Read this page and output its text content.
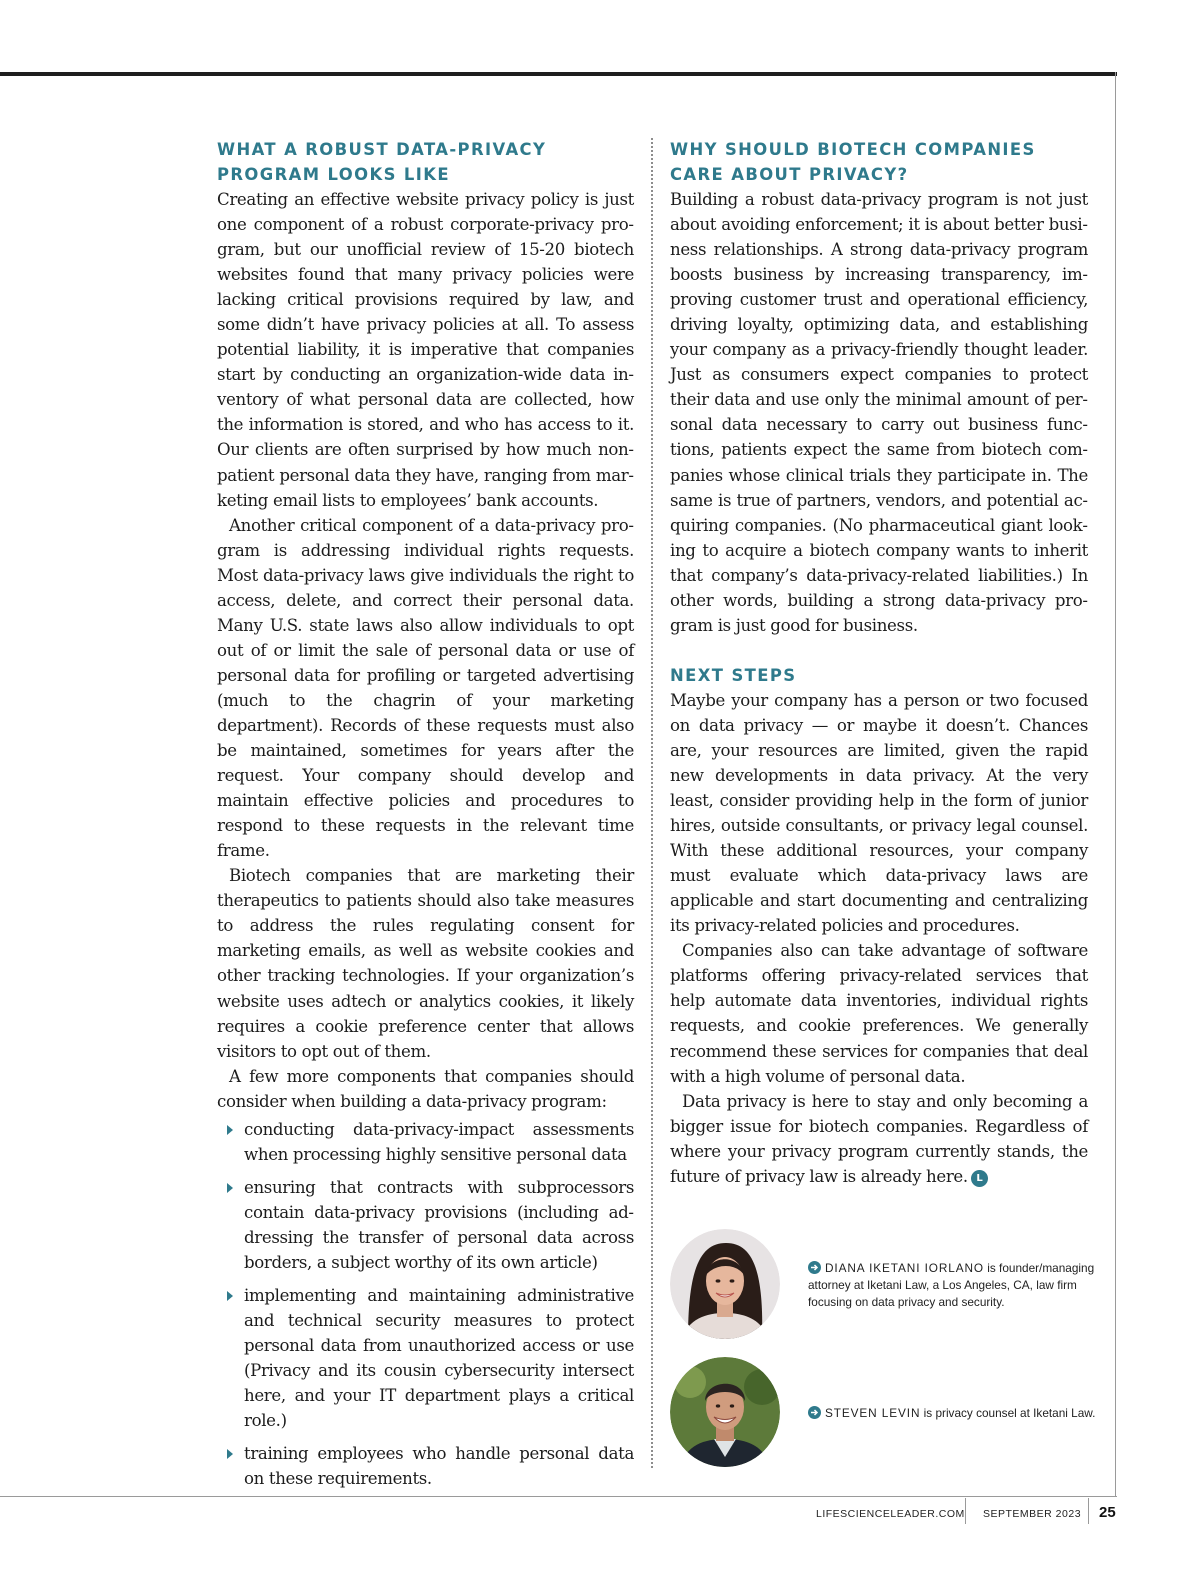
WHAT A ROBUST DATA-PRIVACY
PROGRAM LOOKS LIKE

Creating an effective website privacy policy is just one component of a robust corporate-privacy program, but our unofficial review of 15-20 biotech websites found that many privacy policies were lacking critical provisions required by law, and some didn’t have privacy policies at all. To assess potential liability, it is imperative that companies start by conducting an organization-wide data inventory of what personal data are collected, how the information is stored, and who has access to it. Our clients are often surprised by how much nonpatient personal data they have, ranging from marketing email lists to employees’ bank accounts.

Another critical component of a data-privacy program is addressing individual rights requests. Most data-privacy laws give individuals the right to access, delete, and correct their personal data. Many U.S. state laws also allow individuals to opt out of or limit the sale of personal data or use of personal data for profiling or targeted advertising (much to the chagrin of your marketing department). Records of these requests must also be maintained, sometimes for years after the request. Your company should develop and maintain effective policies and procedures to respond to these requests in the relevant time frame.

Biotech companies that are marketing their therapeutics to patients should also take measures to address the rules regulating consent for marketing emails, as well as website cookies and other tracking technologies. If your organization’s website uses adtech or analytics cookies, it likely requires a cookie preference center that allows visitors to opt out of them.

A few more components that companies should consider when building a data-privacy program:

conducting data-privacy-impact assessments when processing highly sensitive personal data
ensuring that contracts with subprocessors contain data-privacy provisions (including addressing the transfer of personal data across borders, a subject worthy of its own article)
implementing and maintaining administrative and technical security measures to protect personal data from unauthorized access or use (Privacy and its cousin cybersecurity intersect here, and your IT department plays a critical role.)
training employees who handle personal data on these requirements.
WHY SHOULD BIOTECH COMPANIES
CARE ABOUT PRIVACY?

Building a robust data-privacy program is not just about avoiding enforcement; it is about better business relationships. A strong data-privacy program boosts business by increasing transparency, improving customer trust and operational efficiency, driving loyalty, optimizing data, and establishing your company as a privacy-friendly thought leader. Just as consumers expect companies to protect their data and use only the minimal amount of personal data necessary to carry out business functions, patients expect the same from biotech companies whose clinical trials they participate in. The same is true of partners, vendors, and potential acquiring companies. (No pharmaceutical giant looking to acquire a biotech company wants to inherit that company’s data-privacy-related liabilities.) In other words, building a strong data-privacy program is just good for business.

NEXT STEPS

Maybe your company has a person or two focused on data privacy — or maybe it doesn’t. Chances are, your resources are limited, given the rapid new developments in data privacy. At the very least, consider providing help in the form of junior hires, outside consultants, or privacy legal counsel. With these additional resources, your company must evaluate which data-privacy laws are applicable and start documenting and centralizing its privacy-related policies and procedures.

Companies also can take advantage of software platforms offering privacy-related services that help automate data inventories, individual rights requests, and cookie preferences. We generally recommend these services for companies that deal with a high volume of personal data.

Data privacy is here to stay and only becoming a bigger issue for biotech companies. Regardless of where your privacy program currently stands, the future of privacy law is already here. L

DIANA IKETANI IORLANO is founder/managing attorney at Iketani Law, a Los Angeles, CA, law firm focusing on data privacy and security.
STEVEN LEVIN is privacy counsel at Iketani Law.
LIFESCIENCELEADER.COM SEPTEMBER 2023 25
